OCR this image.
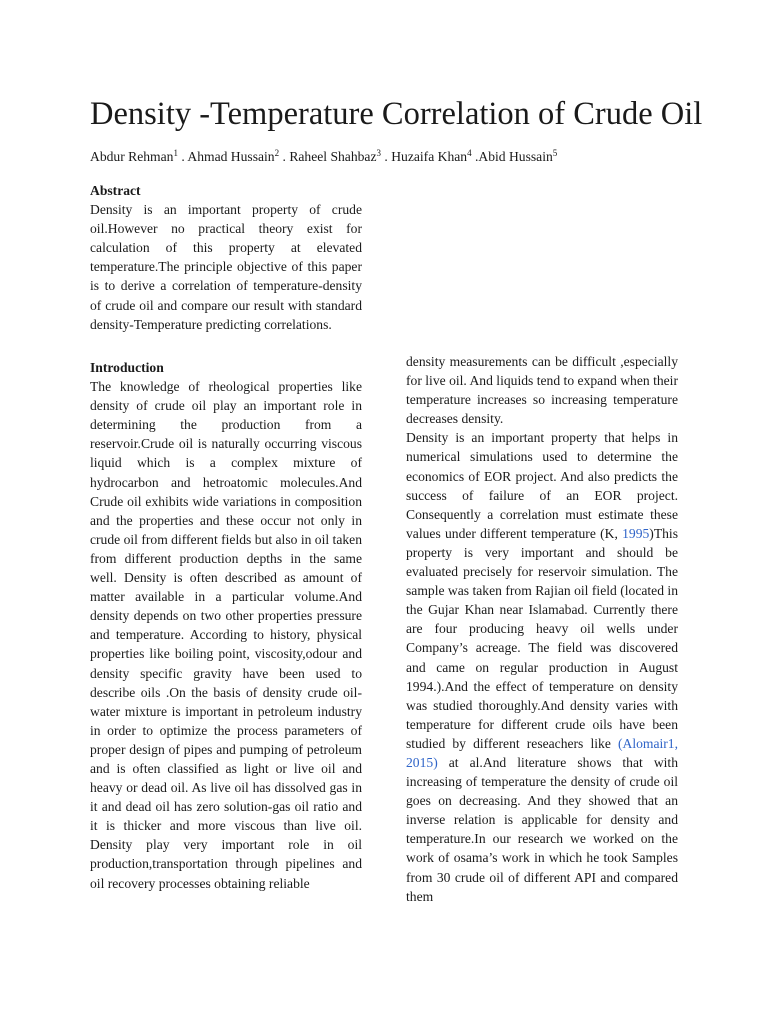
Density -Temperature Correlation of Crude Oil
Abdur Rehman$^1$ . Ahmad Hussain$^2$ . Raheel Shahbaz$^3$ . Huzaifa Khan$^4$ .Abid Hussain$^5$
Abstract

Density is an important property of crude oil.However no practical theory exist for calculation of this property at elevated temperature.The principle objective of this paper is to derive a correlation of temperature-density of crude oil and compare our result with standard density-Temperature predicting correlations.

Introduction

The knowledge of rheological properties like density of crude oil play an important role in determining the production from a reservoir.Crude oil is naturally occurring viscous liquid which is a complex mixture of hydrocarbon and hetroatomic molecules.And Crude oil exhibits wide variations in composition and the properties and these occur not only in crude oil from different fields but also in oil taken from different production depths in the same well. Density is often described as amount of matter available in a particular volume.And density depends on two other properties pressure and temperature. According to history, physical properties like boiling point, viscosity,odour and density specific gravity have been used to describe oils .On the basis of density crude oil-water mixture is important in petroleum industry in order to optimize the process parameters of proper design of pipes and pumping of petroleum and is often classified as light or live oil and heavy or dead oil. As live oil has dissolved gas in it and dead oil has zero solution-gas oil ratio and it is thicker and more viscous than live oil. Density play very important role in oil production,transportation through pipelines and oil recovery processes obtaining reliable

density measurements can be difficult ,especially for live oil. And liquids tend to expand when their temperature increases so increasing temperature decreases density.

Density is an important property that helps in numerical simulations used to determine the economics of EOR project. And also predicts the success of failure of an EOR project. Consequently a correlation must estimate these values under different temperature (K, 1995)This property is very important and should be evaluated precisely for reservoir simulation. The sample was taken from Rajian oil field (located in the Gujar Khan near Islamabad. Currently there are four producing heavy oil wells under Company’s acreage. The field was discovered and came on regular production in August 1994.).And the effect of temperature on density was studied thoroughly.And density varies with temperature for different crude oils have been studied by different reseachers like (Alomair1, 2015) at al.And literature shows that with increasing of temperature the density of crude oil goes on decreasing. And they showed that an inverse relation is applicable for density and temperature.In our research we worked on the work of osama’s work in which he took Samples from 30 crude oil of different API and compared them
